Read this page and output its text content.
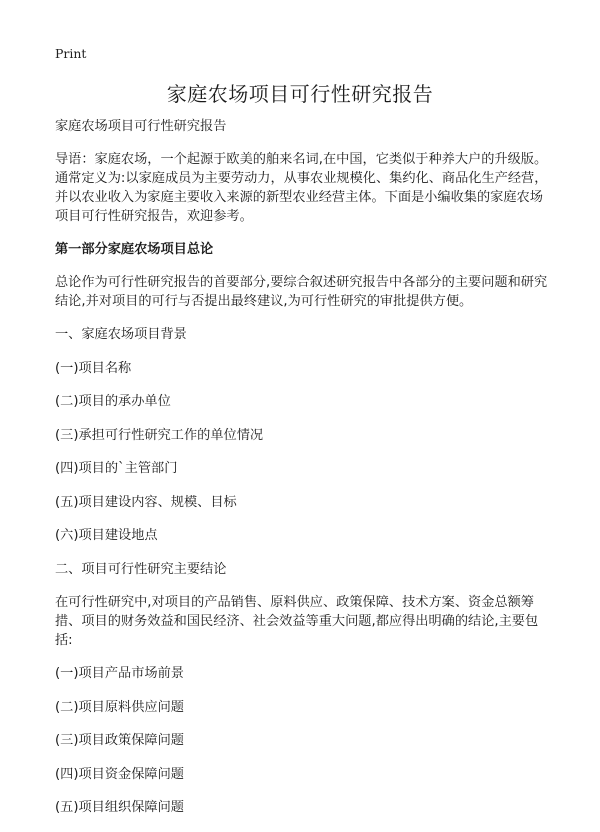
Print
家庭农场项目可行性研究报告

家庭农场项目可行性研究报告

导语：家庭农场，一个起源于欧美的舶来名词,在中国，它类似于种养大户的升级版。通常定义为:以家庭成员为主要劳动力，从事农业规模化、集约化、商品化生产经营，并以农业收入为家庭主要收入来源的新型农业经营主体。下面是小编收集的家庭农场项目可行性研究报告，欢迎参考。

第一部分家庭农场项目总论

总论作为可行性研究报告的首要部分,要综合叙述研究报告中各部分的主要问题和研究结论,并对项目的可行与否提出最终建议,为可行性研究的审批提供方便。

一、家庭农场项目背景

(一)项目名称

(二)项目的承办单位

(三)承担可行性研究工作的单位情况

(四)项目的`主管部门

(五)项目建设内容、规模、目标

(六)项目建设地点

二、项目可行性研究主要结论

在可行性研究中,对项目的产品销售、原料供应、政策保障、技术方案、资金总额筹措、项目的财务效益和国民经济、社会效益等重大问题,都应得出明确的结论,主要包括:

(一)项目产品市场前景

(二)项目原料供应问题

(三)项目政策保障问题

(四)项目资金保障问题

(五)项目组织保障问题
